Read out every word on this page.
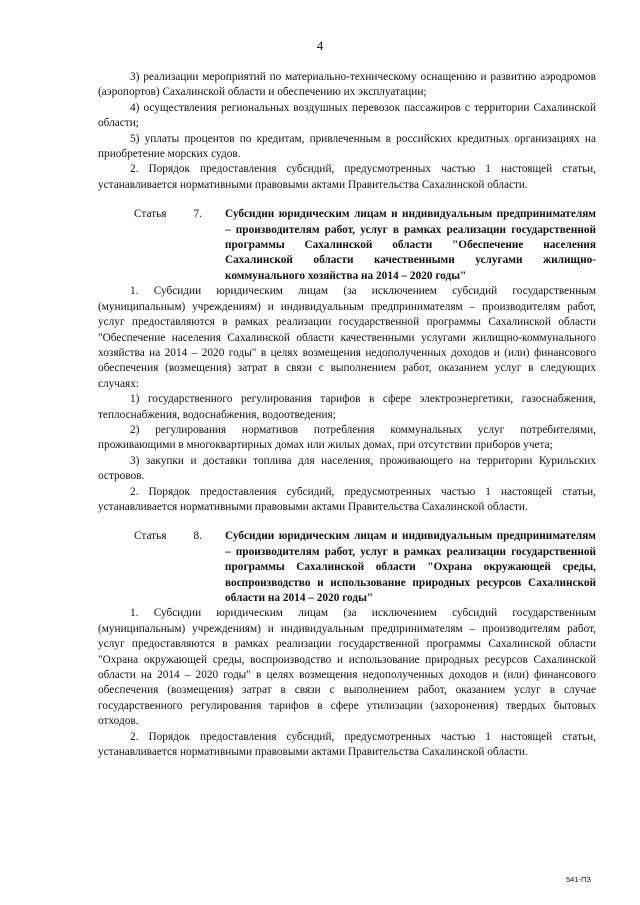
4

3) реализации мероприятий по материально-техническому оснащению и развитию аэродромов (аэропортов) Сахалинской области и обеспечению их эксплуатации;

4) осуществления региональных воздушных перевозок пассажиров с территории Сахалинской области;

5) уплаты процентов по кредитам, привлеченным в российских кредитных организациях на приобретение морских судов.

2. Порядок предоставления субсидий, предусмотренных частью 1 настоящей статьи, устанавливается нормативными правовыми актами Правительства Сахалинской области.

Статья 7. Субсидии юридическим лицам и индивидуальным предпринимателям – производителям работ, услуг в рамках реализации государственной программы Сахалинской области "Обеспечение населения Сахалинской области качественными услугами жилищно-коммунального хозяйства на 2014 – 2020 годы"

1. Субсидии юридическим лицам (за исключением субсидий государственным (муниципальным) учреждениям) и индивидуальным предпринимателям – производителям работ, услуг предоставляются в рамках реализации государственной программы Сахалинской области "Обеспечение населения Сахалинской области качественными услугами жилищно-коммунального хозяйства на 2014 – 2020 годы" в целях возмещения недополученных доходов и (или) финансового обеспечения (возмещения) затрат в связи с выполнением работ, оказанием услуг в следующих случаях:

1) государственного регулирования тарифов в сфере электроэнергетики, газоснабжения, теплоснабжения, водоснабжения, водоотведения;

2) регулирования нормативов потребления коммунальных услуг потребителями, проживающими в многоквартирных домах или жилых домах, при отсутствии приборов учета;

3) закупки и доставки топлива для населения, проживающего на территории Курильских островов.

2. Порядок предоставления субсидий, предусмотренных частью 1 настоящей статьи, устанавливается нормативными правовыми актами Правительства Сахалинской области.

Статья 8. Субсидии юридическим лицам и индивидуальным предпринимателям – производителям работ, услуг в рамках реализации государственной программы Сахалинской области "Охрана окружающей среды, воспроизводство и использование природных ресурсов Сахалинской области на 2014 – 2020 годы"

1. Субсидии юридическим лицам (за исключением субсидий государственным (муниципальным) учреждениям) и индивидуальным предпринимателям – производителям работ, услуг предоставляются в рамках реализации государственной программы Сахалинской области "Охрана окружающей среды, воспроизводство и использование природных ресурсов Сахалинской области на 2014 – 2020 годы" в целях возмещения недополученных доходов и (или) финансового обеспечения (возмещения) затрат в связи с выполнением работ, оказанием услуг в случае государственного регулирования тарифов в сфере утилизации (захоронения) твердых бытовых отходов.

2. Порядок предоставления субсидий, предусмотренных частью 1 настоящей статьи, устанавливается нормативными правовыми актами Правительства Сахалинской области.

541-ПЗ
